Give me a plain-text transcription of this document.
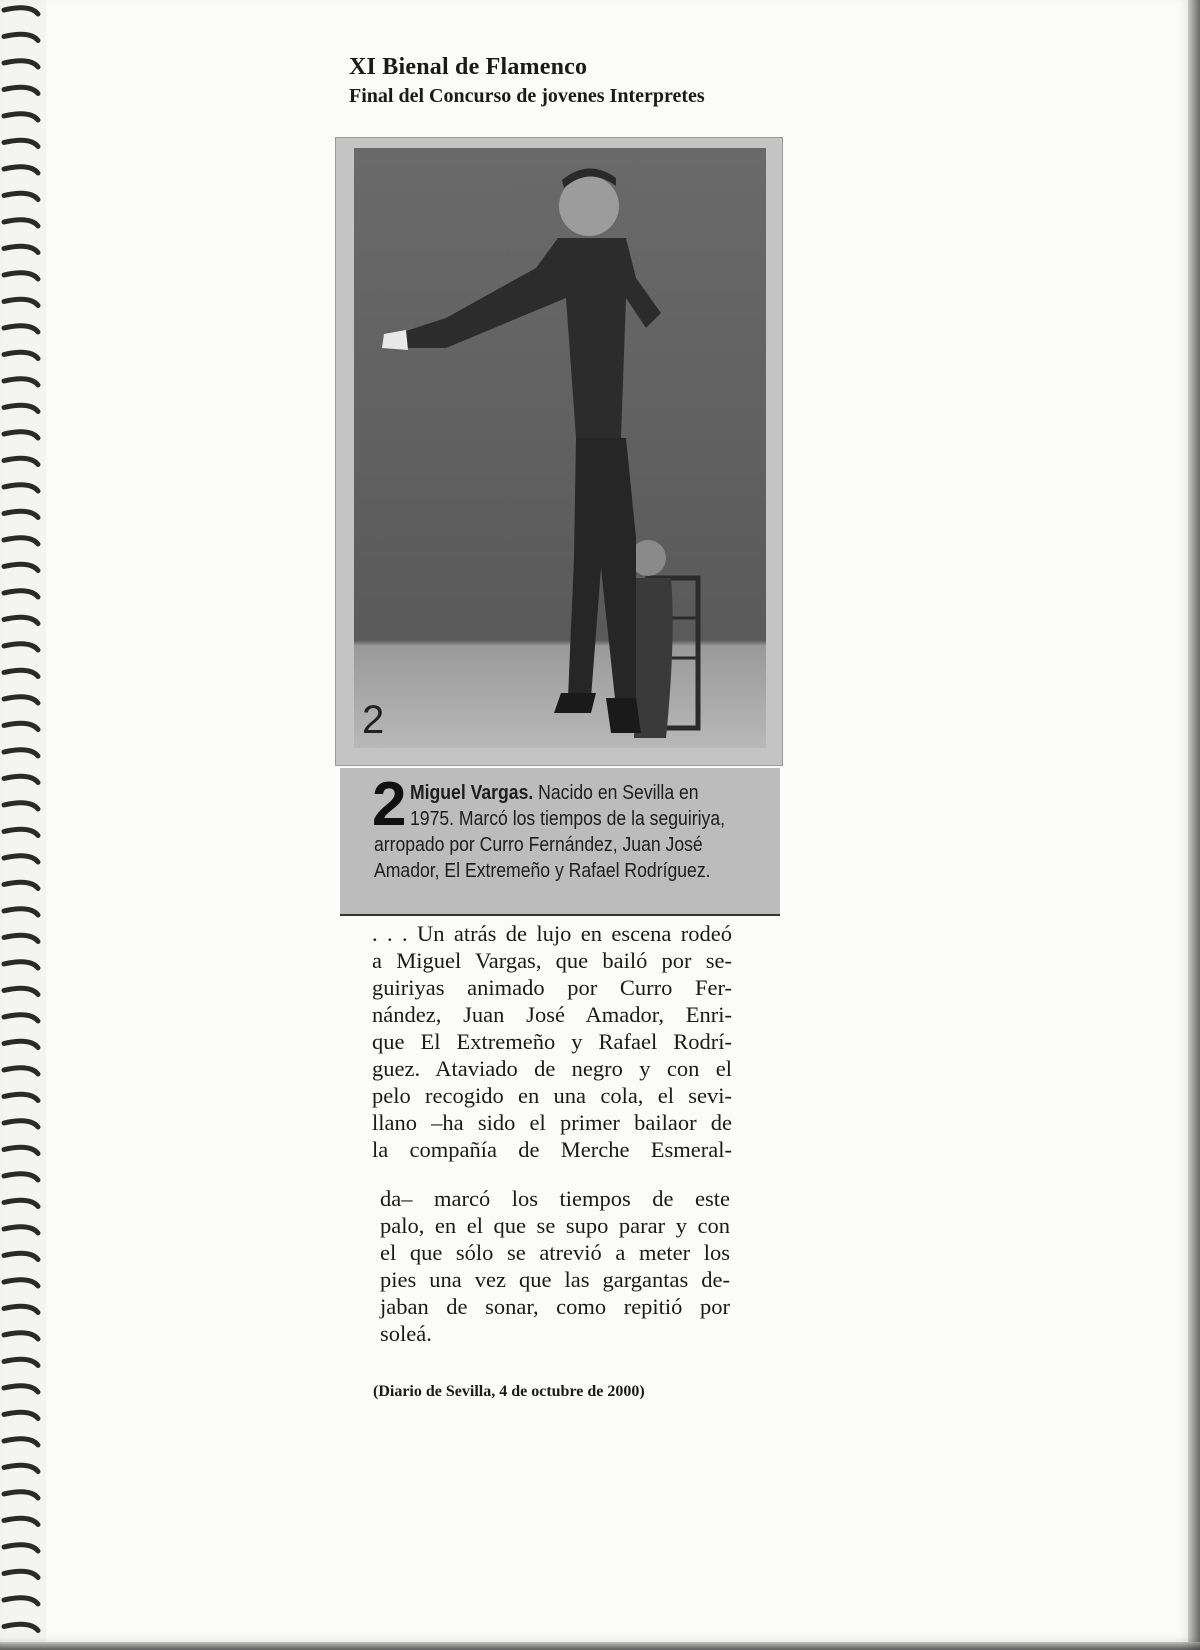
XI Bienal de Flamenco
Final del Concurso de jovenes Interpretes
2
2 Miguel Vargas. Nacido en Sevilla en
1975. Marcó los tiempos de la seguiriya,
arropado por Curro Fernández, Juan José
Amador, El Extremeño y Rafael Rodríguez.
. . . Un atrás de lujo en escena rodeó
a Miguel Vargas, que bailó por se-
guiriyas animado por Curro Fer-
nández, Juan José Amador, Enri-
que El Extremeño y Rafael Rodrí-
guez. Ataviado de negro y con el
pelo recogido en una cola, el sevi-
llano –ha sido el primer bailaor de
la compañía de Merche Esmeral-
da– marcó los tiempos de este
palo, en el que se supo parar y con
el que sólo se atrevió a meter los
pies una vez que las gargantas de-
jaban de sonar, como repitió por
soleá.
(Diario de Sevilla, 4 de octubre de 2000)
